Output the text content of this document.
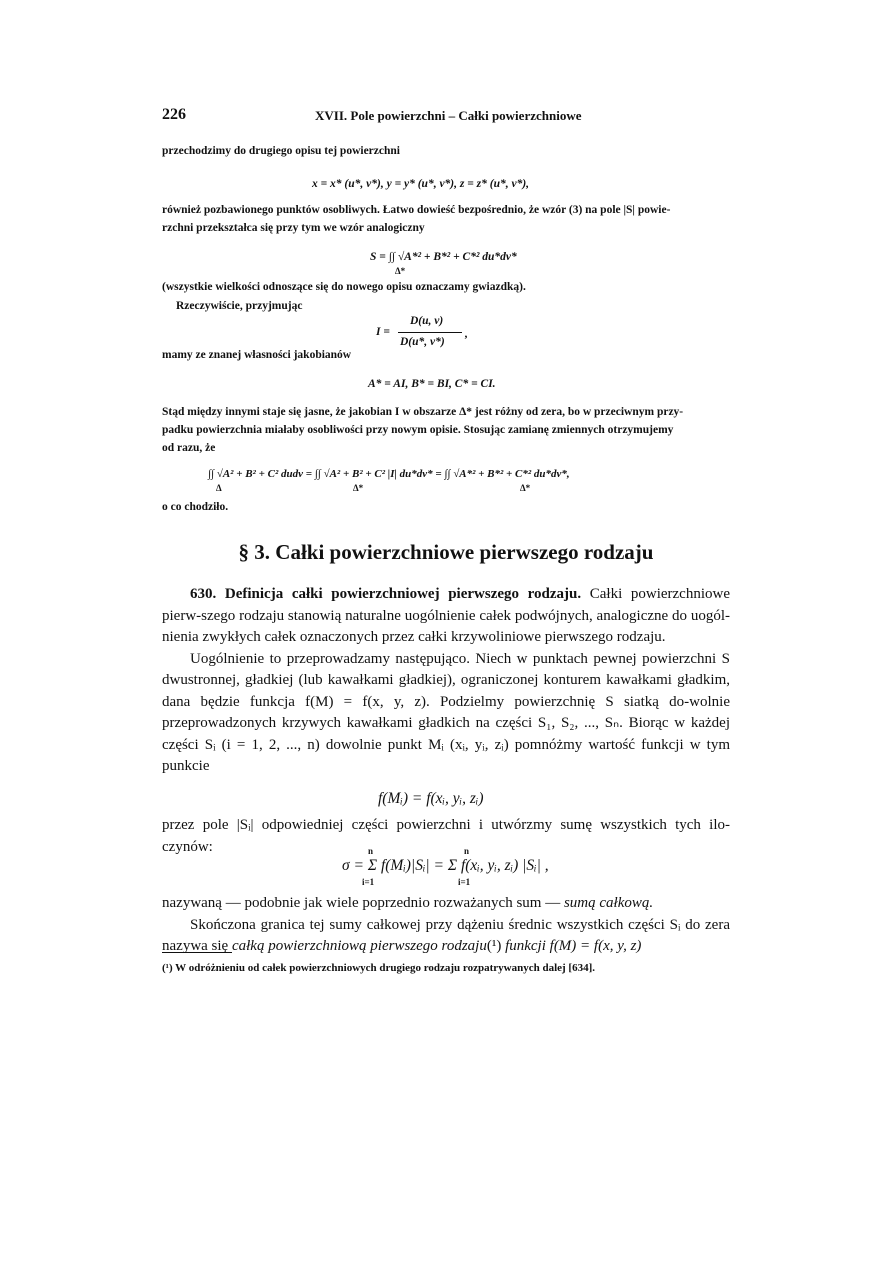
226	XVII. Pole powierzchni – Całki powierzchniowe
przechodzimy do drugiego opisu tej powierzchni
x = x* (u*, v*), y = y* (u*, v*), z = z* (u*, v*),
również pozbawionego punktów osobliwych. Łatwo dowieść bezpośrednio, że wzór (3) na pole |S| powie-
rzchni przekształca się przy tym we wzór analogiczny
S = ∫∫ √A*² + B*² + C*² du*dv*
Δ*
(wszystkie wielkości odnoszące się do nowego opisu oznaczamy gwiazdką).
Rzeczywiście, przyjmując
I =
D(u, v)
D(u*, v*)
,
mamy ze znanej własności jakobianów
A* = AI, B* = BI, C* = CI.
Stąd między innymi staje się jasne, że jakobian I w obszarze Δ* jest różny od zera, bo w przeciwnym przy-
padku powierzchnia miałaby osobliwości przy nowym opisie. Stosując zamianę zmiennych otrzymujemy
od razu, że
∫∫ √A² + B² + C² dudv = ∫∫ √A² + B² + C² |I| du*dv* = ∫∫ √A*² + B*² + C*² du*dv*,
Δ	Δ*	Δ*
o co chodziło.
§ 3. Całki powierzchniowe pierwszego rodzaju

630. Definicja całki powierzchniowej pierwszego rodzaju. Całki powierzchniowe pierw-szego rodzaju stanowią naturalne uogólnienie całek podwójnych, analogiczne do uogól-nienia zwykłych całek oznaczonych przez całki krzywoliniowe pierwszego rodzaju.

Uogólnienie to przeprowadzamy następująco. Niech w punktach pewnej powierzchni S dwustronnej, gładkiej (lub kawałkami gładkiej), ograniczonej konturem kawałkami gładkim, dana będzie funkcja f(M) = f(x, y, z). Podzielmy powierzchnię S siatką do-wolnie przeprowadzonych krzywych kawałkami gładkich na części S₁, S₂, ..., Sₙ. Biorąc w każdej części Sᵢ (i = 1, 2, ..., n) dowolnie punkt Mᵢ (xᵢ, yᵢ, zᵢ) pomnóżmy wartość funkcji w tym punkcie

f(Mᵢ) = f(xᵢ, yᵢ, zᵢ)
przez pole |Sᵢ| odpowiedniej części powierzchni i utwórzmy sumę wszystkich tych ilo-czynów:	n	n
σ = Σ f(Mᵢ)|Sᵢ| = Σ f(xᵢ, yᵢ, zᵢ) |Sᵢ| ,
i=1	i=1

nazywaną — podobnie jak wiele poprzednio rozważanych sum — sumą całkową.

Skończona granica tej sumy całkowej przy dążeniu średnic wszystkich części Sᵢ do zera nazywa się całką powierzchniową pierwszego rodzaju(¹) funkcji f(M) = f(x, y, z)

(¹) W odróżnieniu od całek powierzchniowych drugiego rodzaju rozpatrywanych dalej [634].
